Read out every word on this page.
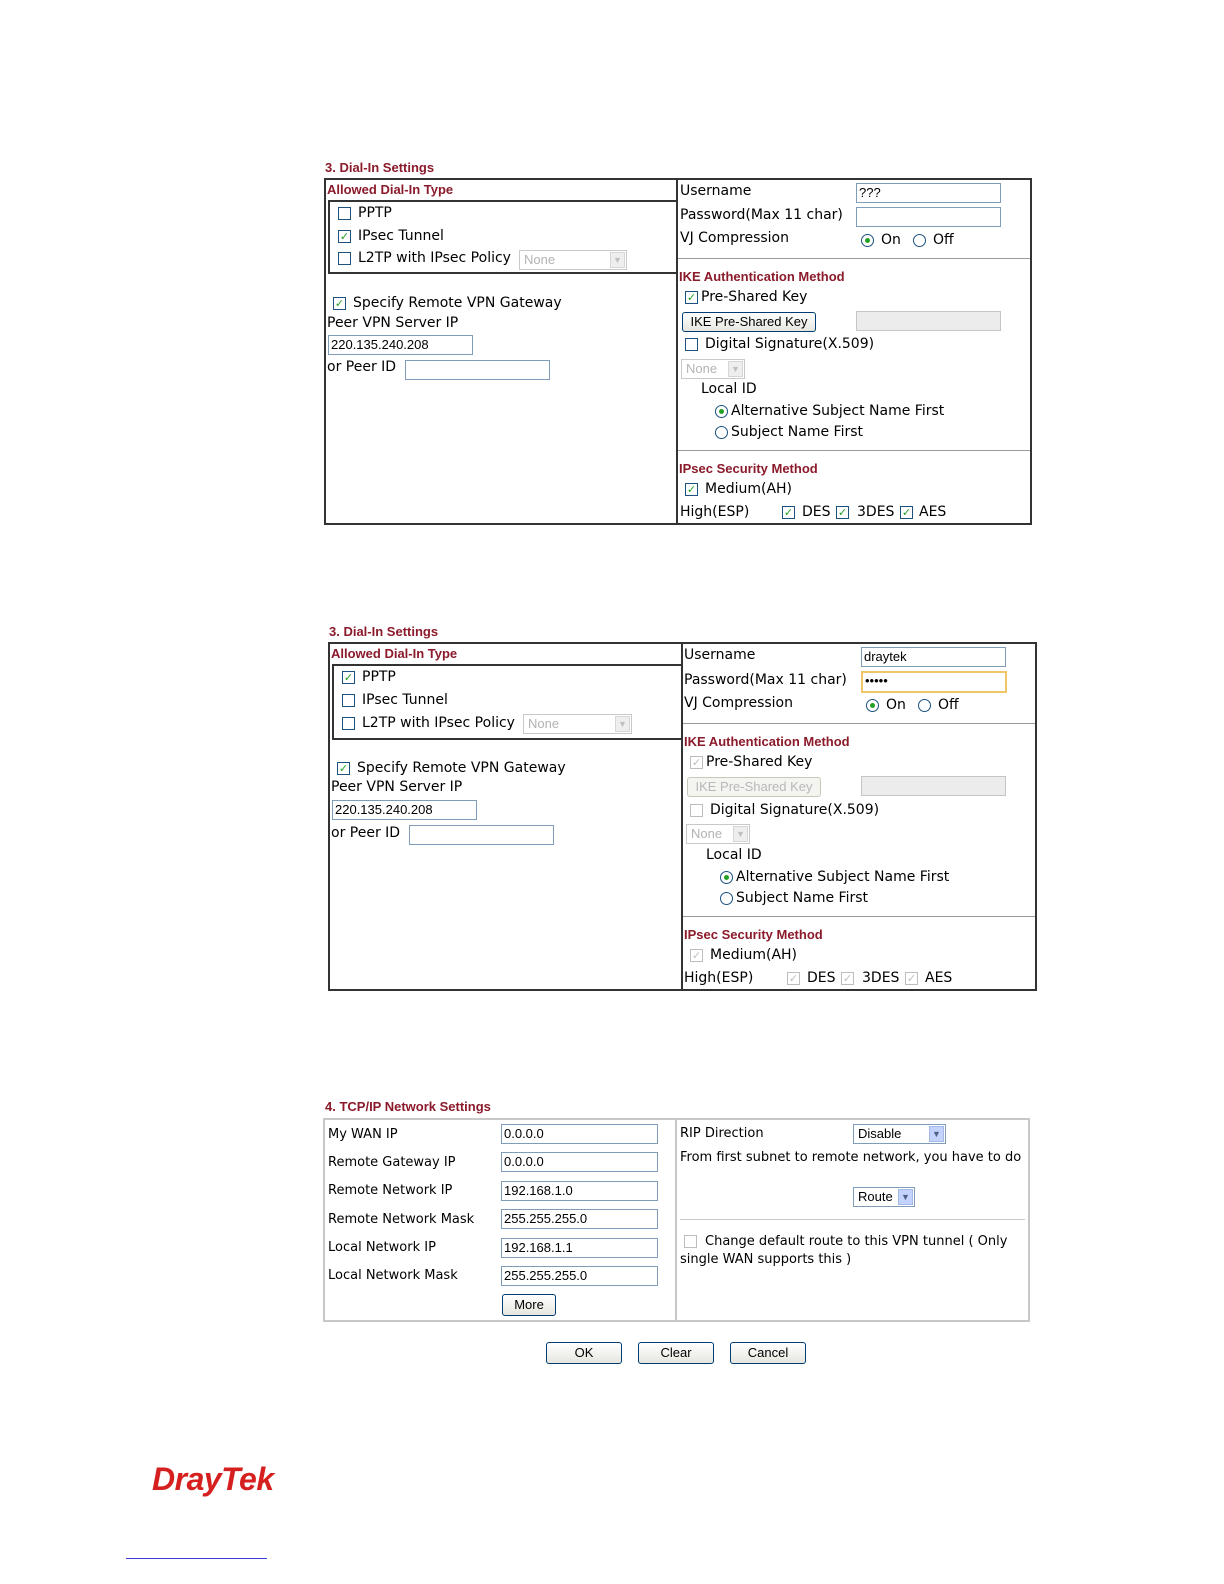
3. Dial-In Settings
Allowed Dial-In Type
PPTP
✓ IPsec Tunnel
L2TP with IPsec Policy	None	▼
✓ Specify Remote VPN Gateway
Peer VPN Server IP
220.135.240.208
or Peer ID
Username	???
Password(Max 11 char)
VJ Compression	On Off
IKE Authentication Method
✓ Pre-Shared Key
IKE Pre-Shared Key
Digital Signature(X.509)
None	▼
Local ID
Alternative Subject Name First
Subject Name First
IPsec Security Method
✓ Medium(AH)
High(ESP)	✓ DES ✓ 3DES ✓ AES
3. Dial-In Settings
Allowed Dial-In Type
✓ PPTP
IPsec Tunnel
L2TP with IPsec Policy	None	▼
✓ Specify Remote VPN Gateway
Peer VPN Server IP
220.135.240.208
or Peer ID
Username	draytek
Password(Max 11 char)	•••••
VJ Compression	On Off
IKE Authentication Method
✓ Pre-Shared Key
IKE Pre-Shared Key
Digital Signature(X.509)
None	▼
Local ID
Alternative Subject Name First
Subject Name First
IPsec Security Method
✓ Medium(AH)
High(ESP)	✓ DES ✓ 3DES ✓ AES
4. TCP/IP Network Settings
My WAN IP	0.0.0.0
Remote Gateway IP	0.0.0.0
Remote Network IP	192.168.1.0
Remote Network Mask 255.255.255.0
Local Network IP	192.168.1.1
Local Network Mask	255.255.255.0
More
RIP Direction	Disable	▼
From first subnet to remote network, you have to do
Route ▼
Change default route to this VPN tunnel ( Only single WAN supports this )
OK	Clear	Cancel
DrayTek
